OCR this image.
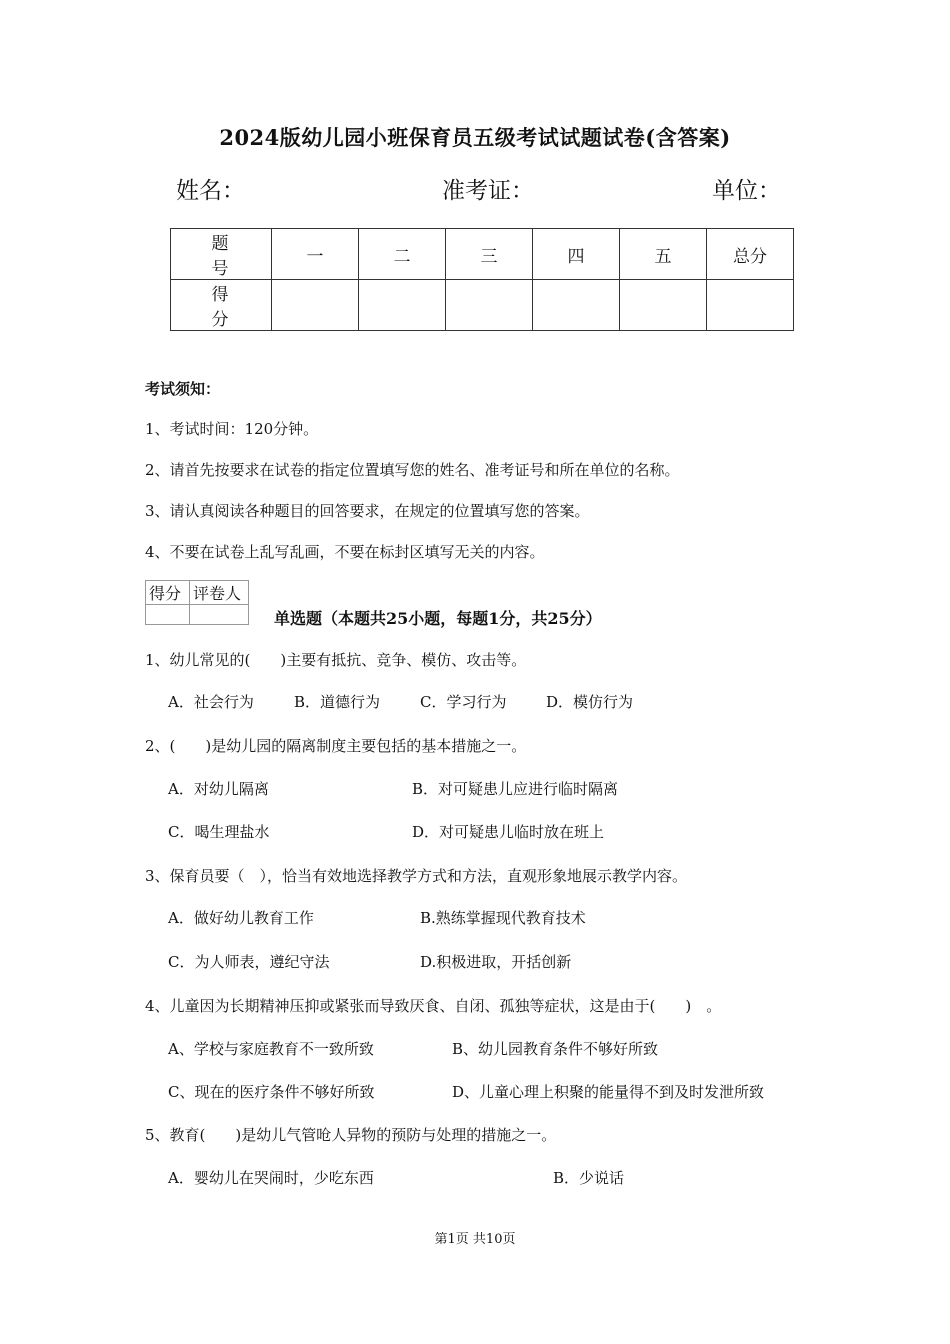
2024版幼儿园小班保育员五级考试试题试卷(含答案)
姓名：	准考证：	单位：
题　号	一	二	三	四	五	总分
得　分						
考试须知：
1、考试时间：120分钟。
2、请首先按要求在试卷的指定位置填写您的姓名、准考证号和所在单位的名称。
3、请认真阅读各种题目的回答要求，在规定的位置填写您的答案。
4、不要在试卷上乱写乱画，不要在标封区填写无关的内容。
得分	评卷人

单选题（本题共25小题，每题1分，共25分）
1、幼儿常见的(　　)主要有抵抗、竞争、模仿、攻击等。
A．社会行为	B．道德行为	C．学习行为	D．模仿行为
2、(　　)是幼儿园的隔离制度主要包括的基本措施之一。
A．对幼儿隔离	B．对可疑患儿应进行临时隔离
C．喝生理盐水	D．对可疑患儿临时放在班上
3、保育员要（　），恰当有效地选择教学方式和方法，直观形象地展示教学内容。
A．做好幼儿教育工作	B.熟练掌握现代教育技术
C．为人师表，遵纪守法	D.积极进取，开括创新
4、儿童因为长期精神压抑或紧张而导致厌食、自闭、孤独等症状，这是由于(　　)　。
A、学校与家庭教育不一致所致	B、幼儿园教育条件不够好所致
C、现在的医疗条件不够好所致	D、儿童心理上积聚的能量得不到及时发泄所致
5、教育(　　)是幼儿气管呛人异物的预防与处理的措施之一。
A．婴幼儿在哭闹时，少吃东西	B．少说话
第1页 共10页
